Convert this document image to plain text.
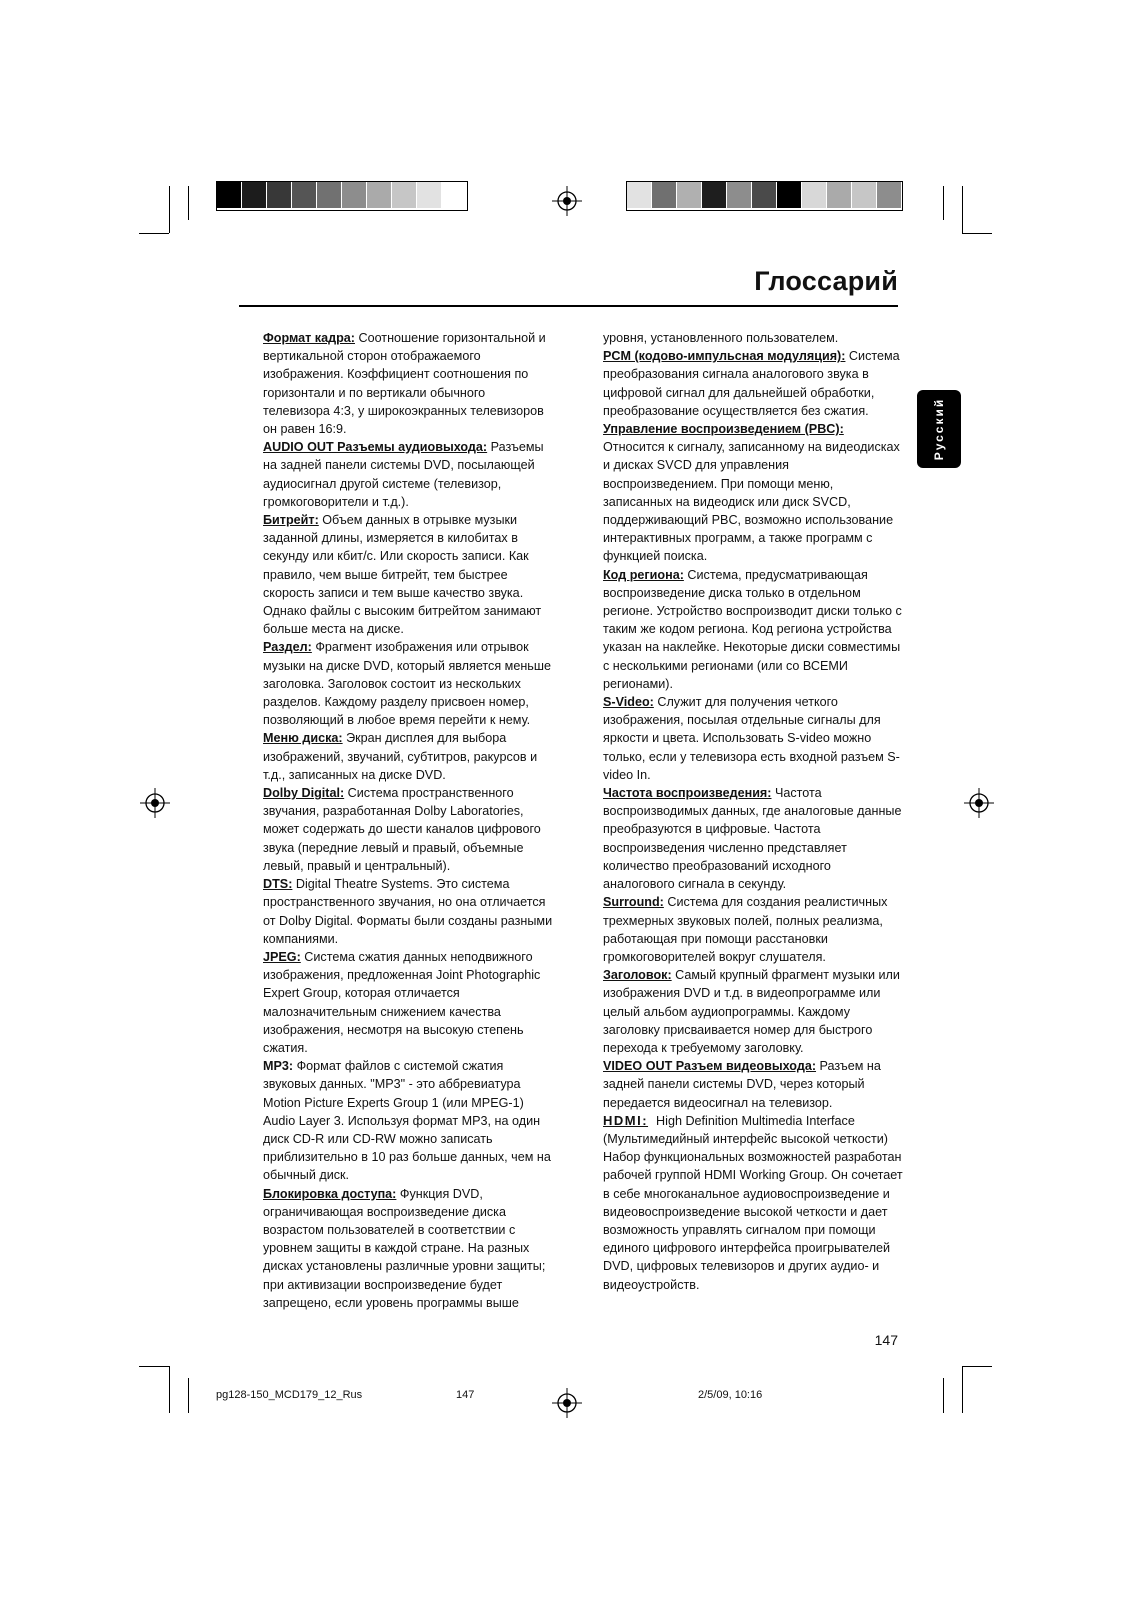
Глоссарий
Русский

Формат кадра: Соотношение горизонтальной и вертикальной сторон отображаемого изображения. Коэффициент соотношения по горизонтали и по вертикали обычного телевизора 4:3, у широкоэкранных телевизоров он равен 16:9.

AUDIO OUT Разъемы аудиовыхода: Разъемы на задней панели системы DVD, посылающей аудиосигнал другой системе (телевизор, громкоговорители и т.д.).

Битрейт: Объем данных в отрывке музыки заданной длины, измеряется в килобитах в секунду или кбит/с. Или скорость записи. Как правило, чем выше битрейт, тем быстрее скорость записи и тем выше качество звука. Однако файлы с высоким битрейтом занимают больше места на диске.

Раздел: Фрагмент изображения или отрывок музыки на диске DVD, который является меньше заголовка. Заголовок состоит из нескольких разделов. Каждому разделу присвоен номер, позволяющий в любое время перейти к нему.

Меню диска: Экран дисплея для выбора изображений, звучаний, субтитров, ракурсов и т.д., записанных на диске DVD.

Dolby Digital: Система пространственного звучания, разработанная Dolby Laboratories, может содержать до шести каналов цифрового звука (передние левый и правый, объемные левый, правый и центральный).

DTS: Digital Theatre Systems. Это система пространственного звучания, но она отличается от Dolby Digital. Форматы были созданы разными компаниями.

JPEG: Система сжатия данных неподвижного изображения, предложенная Joint Photographic Expert Group, которая отличается малозначительным снижением качества изображения, несмотря на высокую степень сжатия.

MP3: Формат файлов с системой сжатия звуковых данных. "MP3" - это аббревиатура Motion Picture Experts Group 1 (или MPEG-1) Audio Layer 3. Используя формат MP3, на один диск CD-R или CD-RW можно записать приблизительно в 10 раз больше данных, чем на обычный диск.

Блокировка доступа: Функция DVD, ограничивающая воспроизведение диска возрастом пользователей в соответствии с уровнем защиты в каждой стране. На разных дисках установлены различные уровни защиты; при активизации воспроизведение будет запрещено, если уровень программы выше

уровня, установленного пользователем.

PCM (кодово-импульсная модуляция): Система преобразования сигнала аналогового звука в цифровой сигнал для дальнейшей обработки, преобразование осуществляется без сжатия.

Управление воспроизведением (PBC): Относится к сигналу, записанному на видеодисках и дисках SVCD для управления воспроизведением. При помощи меню, записанных на видеодиск или диск SVCD, поддерживающий PBC, возможно использование интерактивных программ, а также программ с функцией поиска.

Код региона: Система, предусматривающая воспроизведение диска только в отдельном регионе. Устройство воспроизводит диски только с таким же кодом региона. Код региона устройства указан на наклейке. Некоторые диски совместимы с несколькими регионами (или со ВСЕМИ регионами).

S-Video: Служит для получения четкого изображения, посылая отдельные сигналы для яркости и цвета. Использовать S-video можно только, если у телевизора есть входной разъем S-video In.

Частота воспроизведения: Частота воспроизводимых данных, где аналоговые данные преобразуются в цифровые. Частота воспроизведения численно представляет количество преобразований исходного аналогового сигнала в секунду.

Surround: Система для создания реалистичных трехмерных звуковых полей, полных реализма, работающая при помощи расстановки громкоговорителей вокруг слушателя.

Заголовок: Самый крупный фрагмент музыки или изображения DVD и т.д. в видеопрограмме или целый альбом аудиопрограммы. Каждому заголовку присваивается номер для быстрого перехода к требуемому заголовку.

VIDEO OUT Разъем видеовыхода: Разъем на задней панели системы DVD, через который передается видеосигнал на телевизор.

HDMI: High Definition Multimedia Interface (Мультимедийный интерфейс высокой четкости) Набор функциональных возможностей разработан рабочей группой HDMI Working Group. Он сочетает в себе многоканальное аудиовоспроизведение и видеовоспроизведение высокой четкости и дает возможность управлять сигналом при помощи единого цифрового интерфейса проигрывателей DVD, цифровых телевизоров и других аудио- и видеоустройств.

147
pg128-150_MCD179_12_Rus	147	2/5/09, 10:16
